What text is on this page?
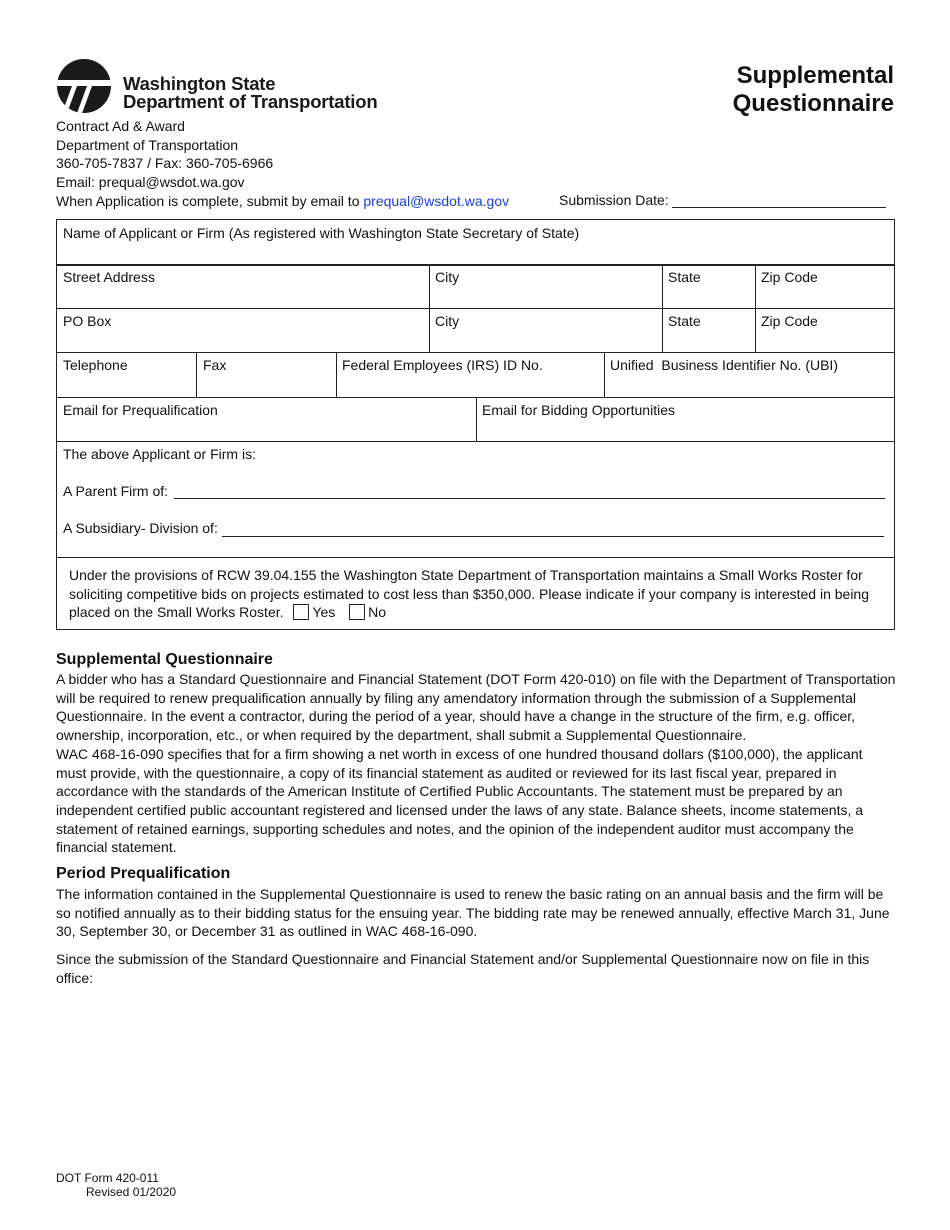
Washington State
Department of Transportation
Supplemental
Questionnaire
Contract Ad & Award
Department of Transportation
360-705-7837 / Fax: 360-705-6966
Email: prequal@wsdot.wa.gov
When Application is complete, submit by email to prequal@wsdot.wa.gov	Submission Date:
Name of Applicant or Firm (As registered with Washington State Secretary of State)
Street Address	City	State	Zip Code
PO Box	City	State	Zip Code
Telephone	Fax	Federal Employees (IRS) ID No.	Unified  Business Identifier No. (UBI)
Email for Prequalification	Email for Bidding Opportunities
The above Applicant or Firm is:
A Parent Firm of:
A Subsidiary- Division of:
Under the provisions of RCW 39.04.155 the Washington State Department of Transportation maintains a Small Works Roster for soliciting competitive bids on projects estimated to cost less than $350,000. Please indicate if your company is interested in being placed on the Small Works Roster. Yes No
Supplemental Questionnaire
A bidder who has a Standard Questionnaire and Financial Statement (DOT Form 420-010) on file with the Department of Transportation will be required to renew prequalification annually by filing any amendatory information through the submission of a Supplemental Questionnaire. In the event a contractor, during the period of a year, should have a change in the structure of the firm, e.g. officer, ownership, incorporation, etc., or when required by the department, shall submit a Supplemental Questionnaire.
WAC 468-16-090 specifies that for a firm showing a net worth in excess of one hundred thousand dollars ($100,000), the applicant must provide, with the questionnaire, a copy of its financial statement as audited or reviewed for its last fiscal year, prepared in accordance with the standards of the American Institute of Certified Public Accountants. The statement must be prepared by an independent certified public accountant registered and licensed under the laws of any state. Balance sheets, income statements, a statement of retained earnings, supporting schedules and notes, and the opinion of the independent auditor must accompany the financial statement.
Period Prequalification
The information contained in the Supplemental Questionnaire is used to renew the basic rating on an annual basis and the firm will be so notified annually as to their bidding status for the ensuing year. The bidding rate may be renewed annually, effective March 31, June 30, September 30, or December 31 as outlined in WAC 468-16-090.
Since the submission of the Standard Questionnaire and Financial Statement and/or Supplemental Questionnaire now on file in this office:
DOT Form 420-011
Revised 01/2020
